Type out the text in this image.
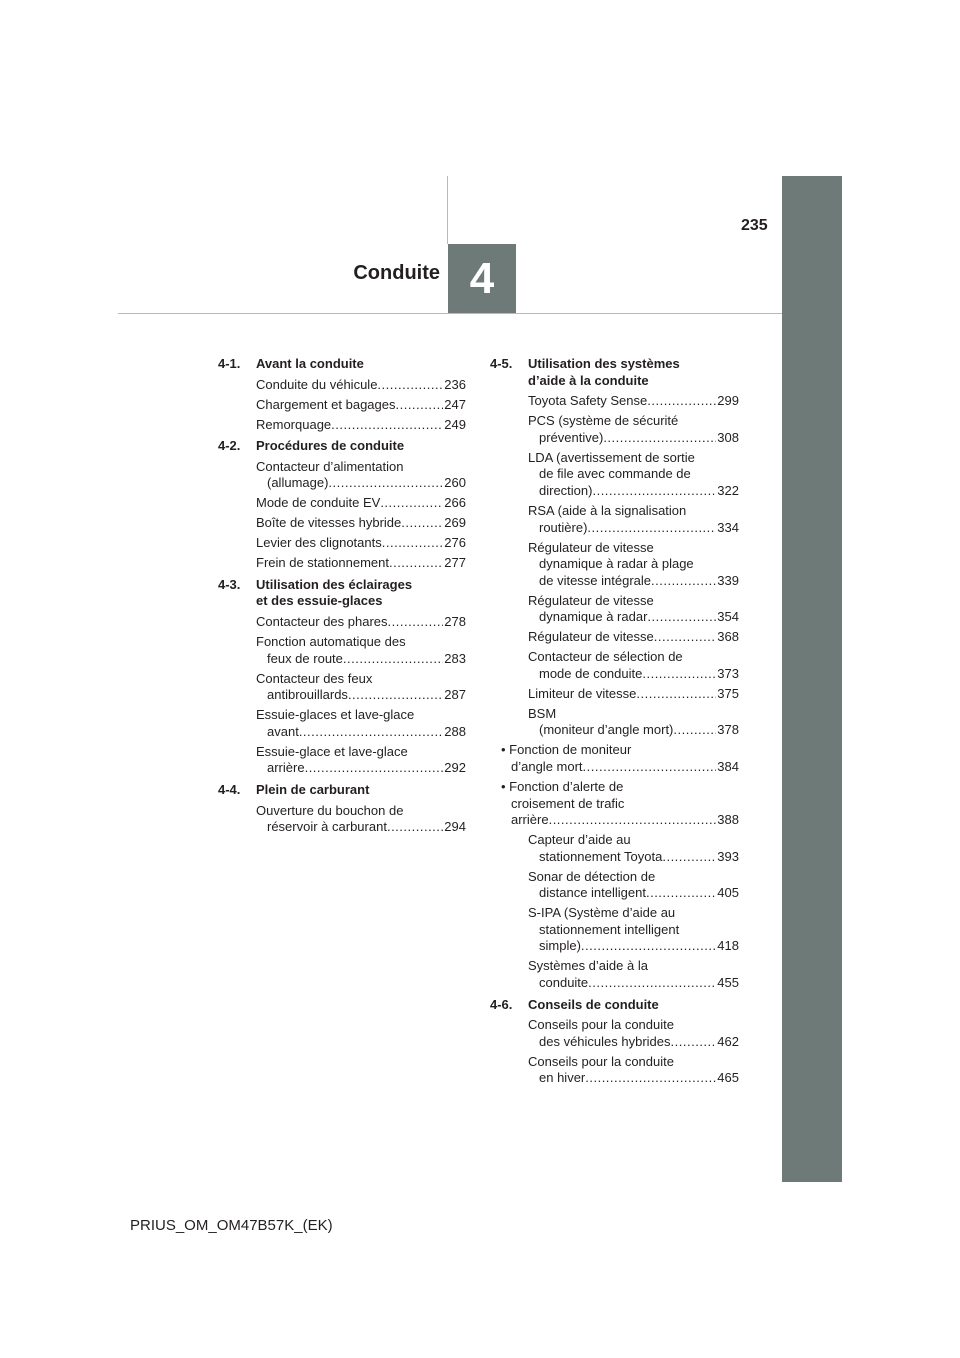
4
Conduite
235
4-1.	Avant la conduite
Conduite du véhicule .....	236
Chargement et bagages .....	247
Remorquage .....	249
4-2.	Procédures de conduite
Contacteur d’alimentation
(allumage) .....	260
Mode de conduite EV .....	266
Boîte de vitesses hybride .....	269
Levier des clignotants .....	276
Frein de stationnement .....	277
4-3.	Utilisation des éclairages
et des essuie-glaces
Contacteur des phares .....	278
Fonction automatique des
feux de route .....	283
Contacteur des feux
antibrouillards .....	287
Essuie-glaces et lave-glace
avant .....	288
Essuie-glace et lave-glace
arrière .....	292
4-4.	Plein de carburant
Ouverture du bouchon de
réservoir à carburant .....	294
4-5.	Utilisation des systèmes
d’aide à la conduite
Toyota Safety Sense .....	299
PCS (système de sécurité
préventive) .....	308
LDA (avertissement de sortie
de file avec commande de
direction) .....	322
RSA (aide à la signalisation
routière) .....	334
Régulateur de vitesse
dynamique à radar à plage
de vitesse intégrale .....	339
Régulateur de vitesse
dynamique à radar .....	354
Régulateur de vitesse .....	368
Contacteur de sélection de
mode de conduite .....	373
Limiteur de vitesse .....	375
BSM
(moniteur d’angle mort) .....	378
• Fonction de moniteur
d’angle mort .....	384
• Fonction d’alerte de
croisement de trafic
arrière .....	388
Capteur d’aide au
stationnement Toyota .....	393
Sonar de détection de
distance intelligent .....	405
S-IPA (Système d’aide au
stationnement intelligent
simple) .....	418
Systèmes d’aide à la
conduite .....	455
4-6.	Conseils de conduite
Conseils pour la conduite
des véhicules hybrides .....	462
Conseils pour la conduite
en hiver .....	465
PRIUS_OM_OM47B57K_(EK)
